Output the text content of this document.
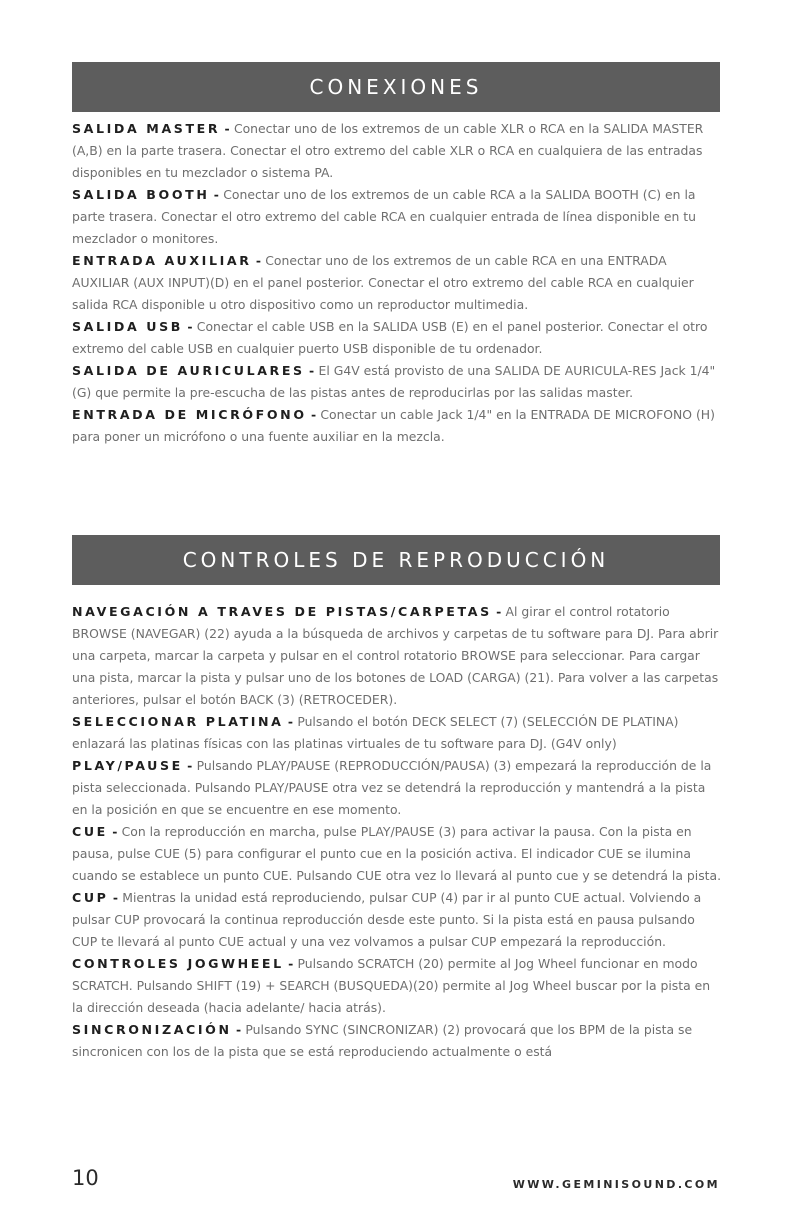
CONEXIONES

SALIDA MASTER - Conectar uno de los extremos de un cable XLR o RCA en la SALIDA MASTER (A,B) en la parte trasera. Conectar el otro extremo del cable XLR o RCA en cualquiera de las entradas disponibles en tu mezclador o sistema PA.

SALIDA BOOTH - Conectar uno de los extremos de un cable RCA a la SALIDA BOOTH (C) en la parte trasera. Conectar el otro extremo del cable RCA en cualquier entrada de línea disponible en tu mezclador o monitores.

ENTRADA AUXILIAR - Conectar uno de los extremos de un cable RCA en una ENTRADA AUXILIAR (AUX INPUT)(D) en el panel posterior. Conectar el otro extremo del cable RCA en cualquier salida RCA disponible u otro dispositivo como un reproductor multimedia.

SALIDA USB - Conectar el cable USB en la SALIDA USB (E) en el panel posterior. Conectar el otro extremo del cable USB en cualquier puerto USB disponible de tu ordenador.

SALIDA DE AURICULARES - El G4V está provisto de una SALIDA DE AURICULA-RES Jack 1/4" (G) que permite la pre-escucha de las pistas antes de reproducirlas por las salidas master.

ENTRADA DE MICRÓFONO - Conectar un cable Jack 1/4" en la ENTRADA DE MICROFONO (H) para poner un micrófono o una fuente auxiliar en la mezcla.

CONTROLES DE REPRODUCCIÓN

NAVEGACIÓN A TRAVES DE PISTAS/CARPETAS - Al girar el control rotatorio BROWSE (NAVEGAR) (22) ayuda a la búsqueda de archivos y carpetas de tu software para DJ. Para abrir una carpeta, marcar la carpeta y pulsar en el control rotatorio BROWSE para seleccionar. Para cargar una pista, marcar la pista y pulsar uno de los botones de LOAD (CARGA) (21). Para volver a las carpetas anteriores, pulsar el botón BACK (3) (RETROCEDER).

SELECCIONAR PLATINA - Pulsando el botón DECK SELECT (7) (SELECCIÓN DE PLATINA) enlazará las platinas físicas con las platinas virtuales de tu software para DJ. (G4V only)

PLAY/PAUSE - Pulsando PLAY/PAUSE (REPRODUCCIÓN/PAUSA) (3) empezará la reproducción de la pista seleccionada. Pulsando PLAY/PAUSE otra vez se detendrá la reproducción y mantendrá a la pista en la posición en que se encuentre en ese momento.

CUE - Con la reproducción en marcha, pulse PLAY/PAUSE (3) para activar la pausa. Con la pista en pausa, pulse CUE (5) para configurar el punto cue en la posición activa. El indicador CUE se ilumina cuando se establece un punto CUE. Pulsando CUE otra vez lo llevará al punto cue y se detendrá la pista.

CUP - Mientras la unidad está reproduciendo, pulsar CUP (4) par ir al punto CUE actual. Volviendo a pulsar CUP provocará la continua reproducción desde este punto. Si la pista está en pausa pulsando CUP te llevará al punto CUE actual y una vez volvamos a pulsar CUP empezará la reproducción.

CONTROLES JOGWHEEL - Pulsando SCRATCH (20) permite al Jog Wheel funcionar en modo SCRATCH. Pulsando SHIFT (19) + SEARCH (BUSQUEDA)(20) permite al Jog Wheel buscar por la pista en la dirección deseada (hacia adelante/ hacia atrás).

SINCRONIZACIÓN - Pulsando SYNC (SINCRONIZAR) (2) provocará que los BPM de la pista se sincronicen con los de la pista que se está reproduciendo actualmente o está

10	WWW.GEMINISOUND.COM
